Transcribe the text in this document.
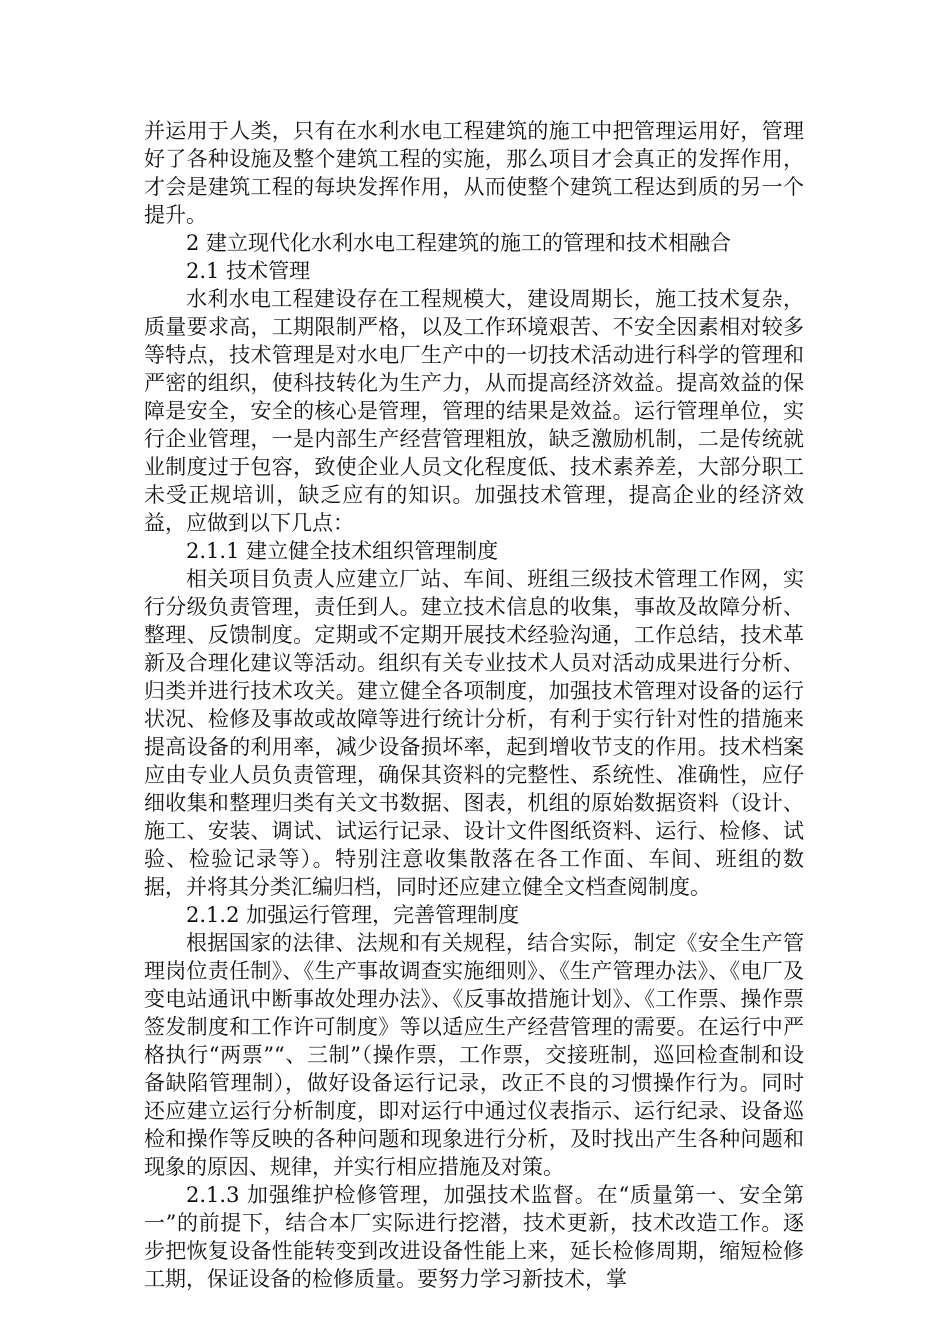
并运用于人类，只有在水利水电工程建筑的施工中把管理运用好，管理好了各种设施及整个建筑工程的实施，那么项目才会真正的发挥作用，才会是建筑工程的每块发挥作用，从而使整个建筑工程达到质的另一个提升。

2 建立现代化水利水电工程建筑的施工的管理和技术相融合

2.1 技术管理

水利水电工程建设存在工程规模大，建设周期长，施工技术复杂，质量要求高，工期限制严格，以及工作环境艰苦、不安全因素相对较多等特点，技术管理是对水电厂生产中的一切技术活动进行科学的管理和严密的组织，使科技转化为生产力，从而提高经济效益。提高效益的保障是安全，安全的核心是管理，管理的结果是效益。运行管理单位，实行企业管理，一是内部生产经营管理粗放，缺乏激励机制，二是传统就业制度过于包容，致使企业人员文化程度低、技术素养差，大部分职工未受正规培训，缺乏应有的知识。加强技术管理，提高企业的经济效益，应做到以下几点：

2.1.1 建立健全技术组织管理制度

相关项目负责人应建立厂站、车间、班组三级技术管理工作网，实行分级负责管理，责任到人。建立技术信息的收集，事故及故障分析、整理、反馈制度。定期或不定期开展技术经验沟通，工作总结，技术革新及合理化建议等活动。组织有关专业技术人员对活动成果进行分析、归类并进行技术攻关。建立健全各项制度，加强技术管理对设备的运行状况、检修及事故或故障等进行统计分析，有利于实行针对性的措施来提高设备的利用率，减少设备损坏率，起到增收节支的作用。技术档案应由专业人员负责管理，确保其资料的完整性、系统性、准确性，应仔细收集和整理归类有关文书数据、图表，机组的原始数据资料（设计、施工、安装、调试、试运行记录、设计文件图纸资料、运行、检修、试验、检验记录等）。特别注意收集散落在各工作面、车间、班组的数据，并将其分类汇编归档，同时还应建立健全文档查阅制度。

2.1.2 加强运行管理，完善管理制度

根据国家的法律、法规和有关规程，结合实际，制定《安全生产管理岗位责任制》、《生产事故调查实施细则》、《生产管理办法》、《电厂及变电站通讯中断事故处理办法》、《反事故措施计划》、《工作票、操作票签发制度和工作许可制度》等以适应生产经营管理的需要。在运行中严格执行“两票”“、三制”（操作票，工作票，交接班制，巡回检查制和设备缺陷管理制），做好设备运行记录，改正不良的习惯操作行为。同时还应建立运行分析制度，即对运行中通过仪表指示、运行纪录、设备巡检和操作等反映的各种问题和现象进行分析，及时找出产生各种问题和现象的原因、规律，并实行相应措施及对策。

2.1.3 加强维护检修管理，加强技术监督。在“质量第一、安全第一”的前提下，结合本厂实际进行挖潜，技术更新，技术改造工作。逐步把恢复设备性能转变到改进设备性能上来，延长检修周期，缩短检修工期，保证设备的检修质量。要努力学习新技术，掌
